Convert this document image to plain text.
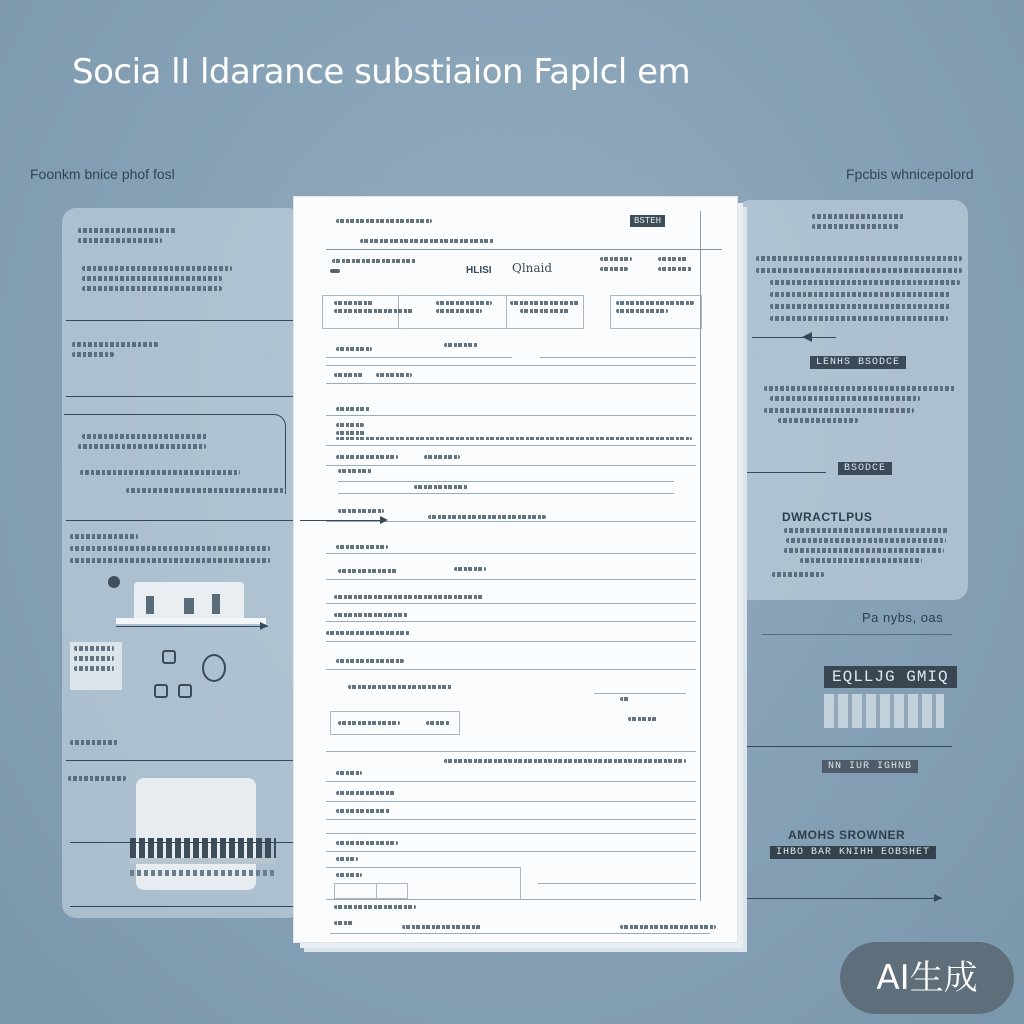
Socia lI ldarance substiaion Faplcl em
Foonkm bnice phof fosl	Fpcbis whnicepolord
LENHS BSODCE
BSODCE
DWRACTLPUS
Pa nybs, oas
EQLLJG GMIQ
NN IUR IGHNB
AMOHS SROWNER
IHBO BAR KNIHH EOBSHET
BSTEH
HLISI Qlnaid
AI生成
